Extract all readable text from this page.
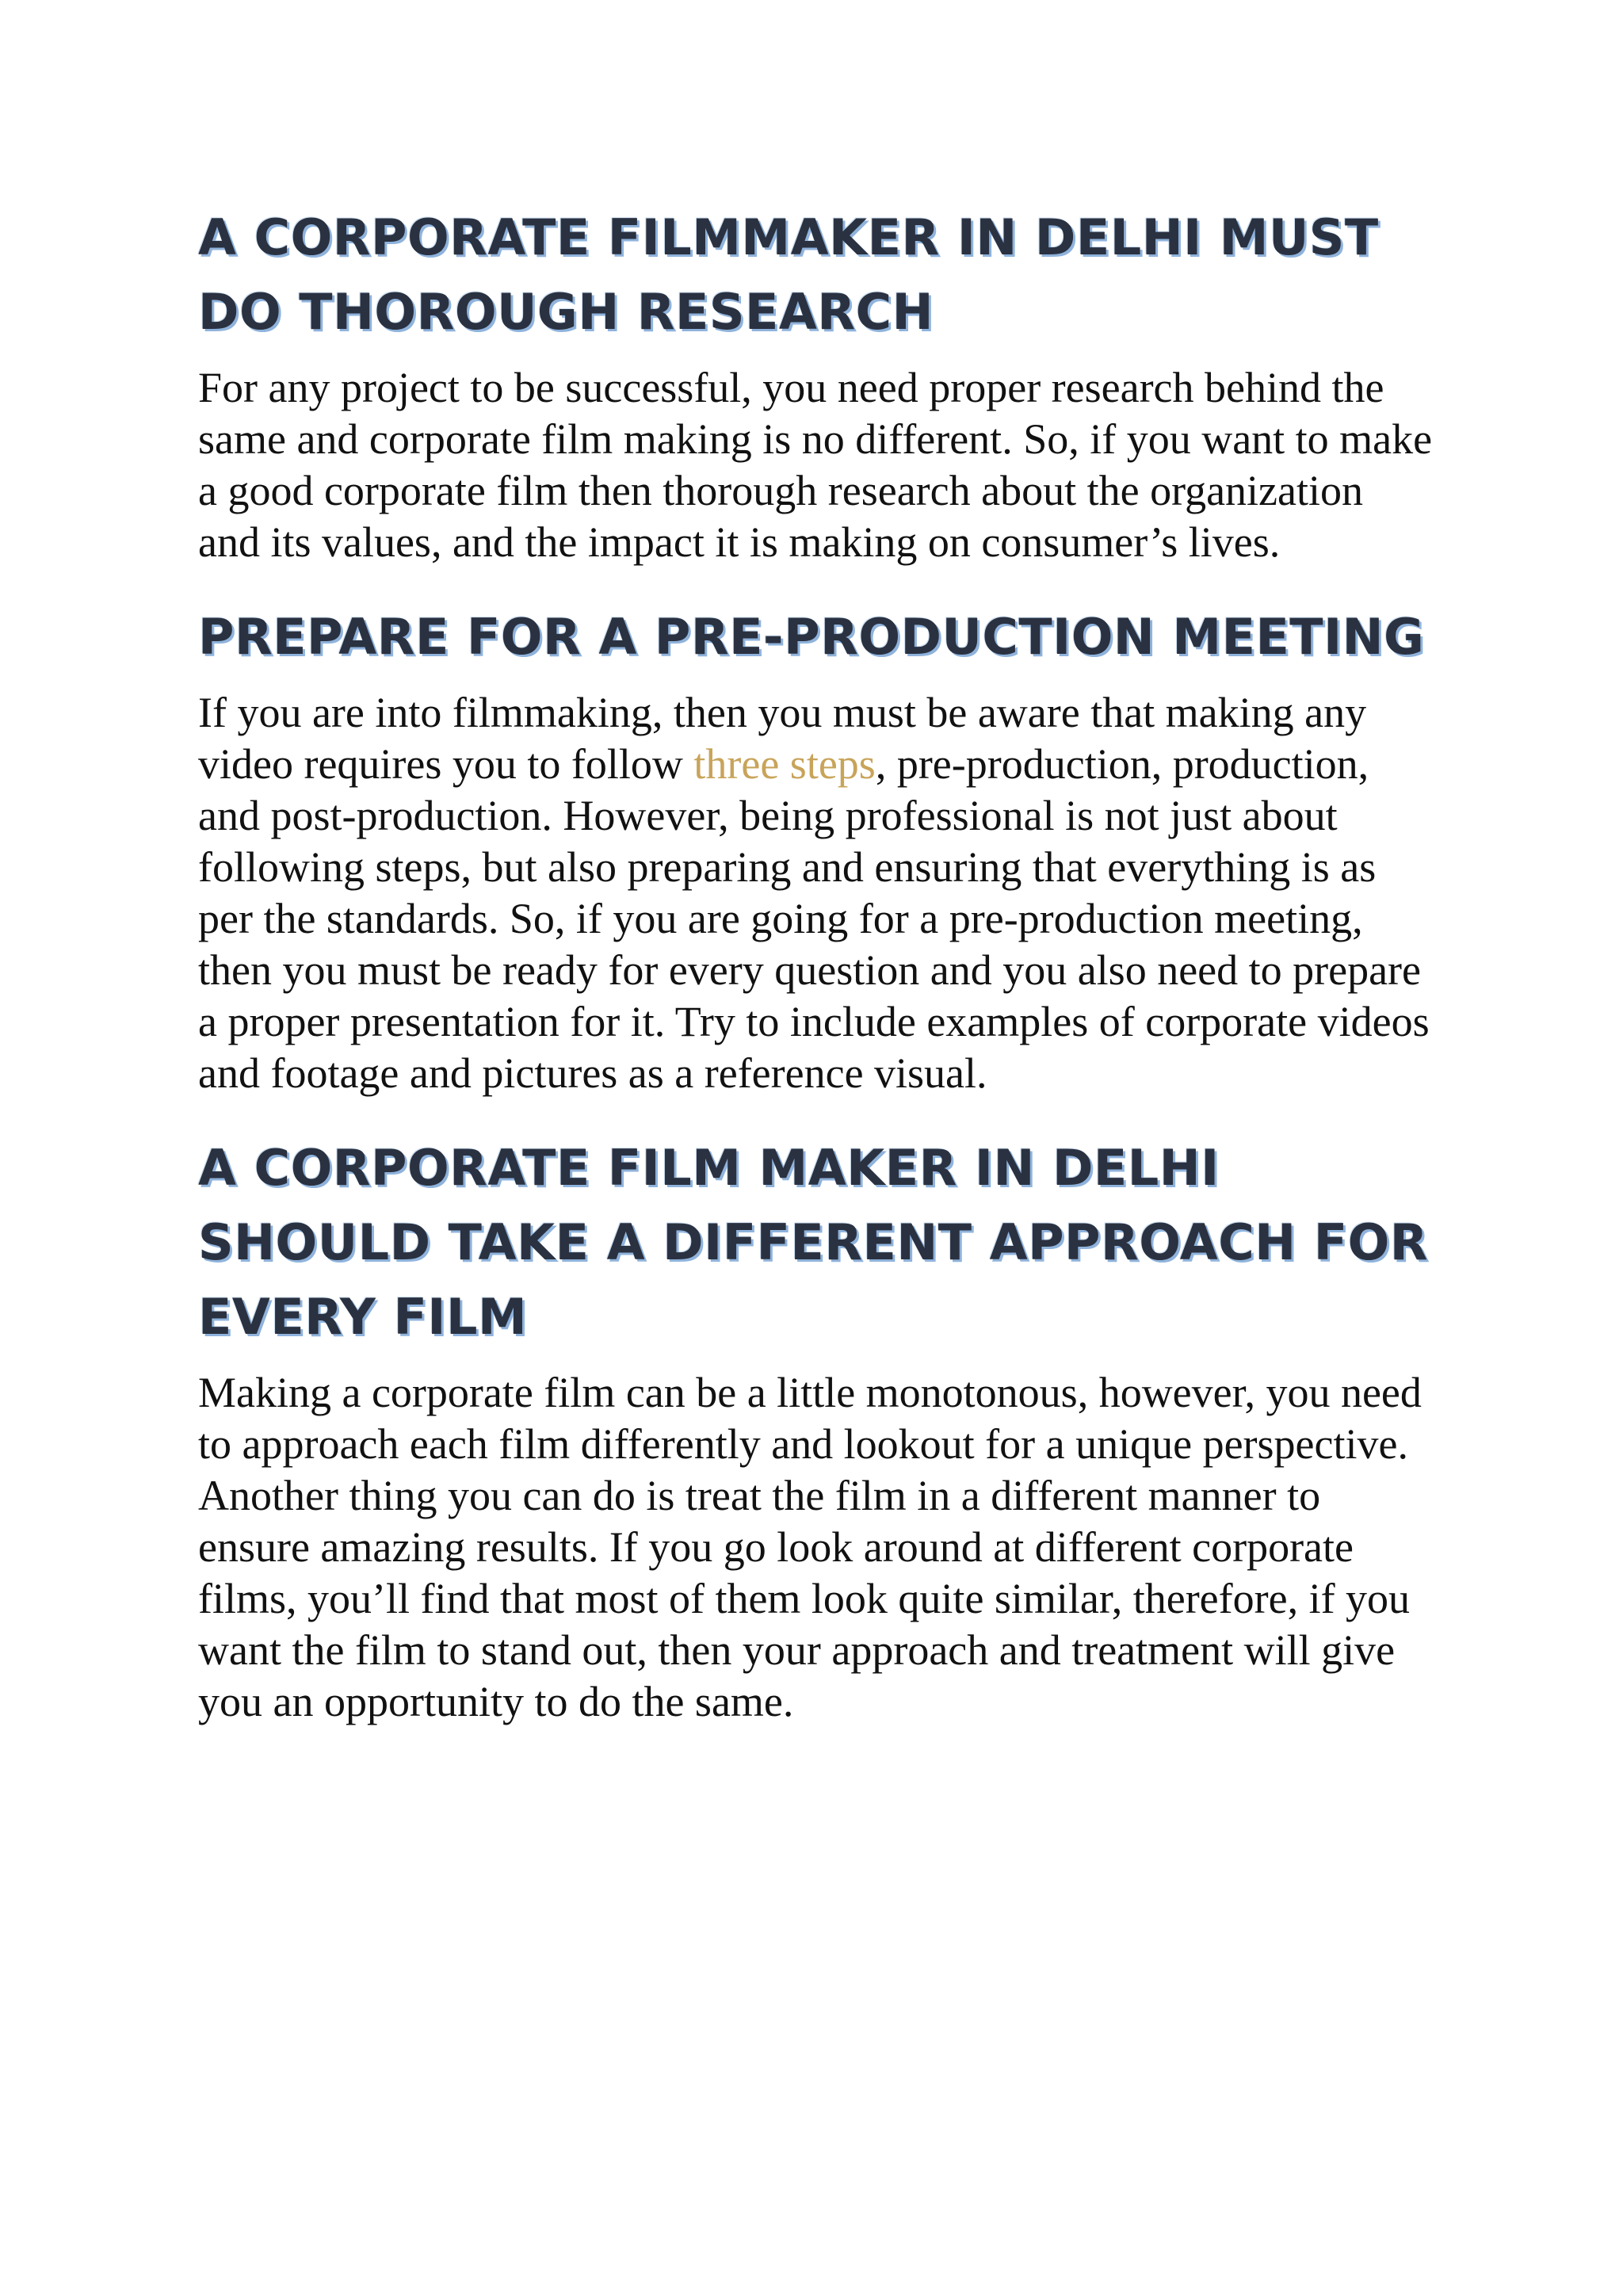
A CORPORATE FILMMAKER IN DELHI MUST DO THOROUGH RESEARCH

For any project to be successful, you need proper research behind the same and corporate film making is no different. So, if you want to make a good corporate film then thorough research about the organization and its values, and the impact it is making on consumer’s lives.

PREPARE FOR A PRE-PRODUCTION MEETING

If you are into filmmaking, then you must be aware that making any video requires you to follow three steps, pre-production, production, and post-production. However, being professional is not just about following steps, but also preparing and ensuring that everything is as per the standards. So, if you are going for a pre-production meeting, then you must be ready for every question and you also need to prepare a proper presentation for it. Try to include examples of corporate videos and footage and pictures as a reference visual.

A CORPORATE FILM MAKER IN DELHI SHOULD TAKE A DIFFERENT APPROACH FOR EVERY FILM

Making a corporate film can be a little monotonous, however, you need to approach each film differently and lookout for a unique perspective. Another thing you can do is treat the film in a different manner to ensure amazing results. If you go look around at different corporate films, you’ll find that most of them look quite similar, therefore, if you want the film to stand out, then your approach and treatment will give you an opportunity to do the same.
